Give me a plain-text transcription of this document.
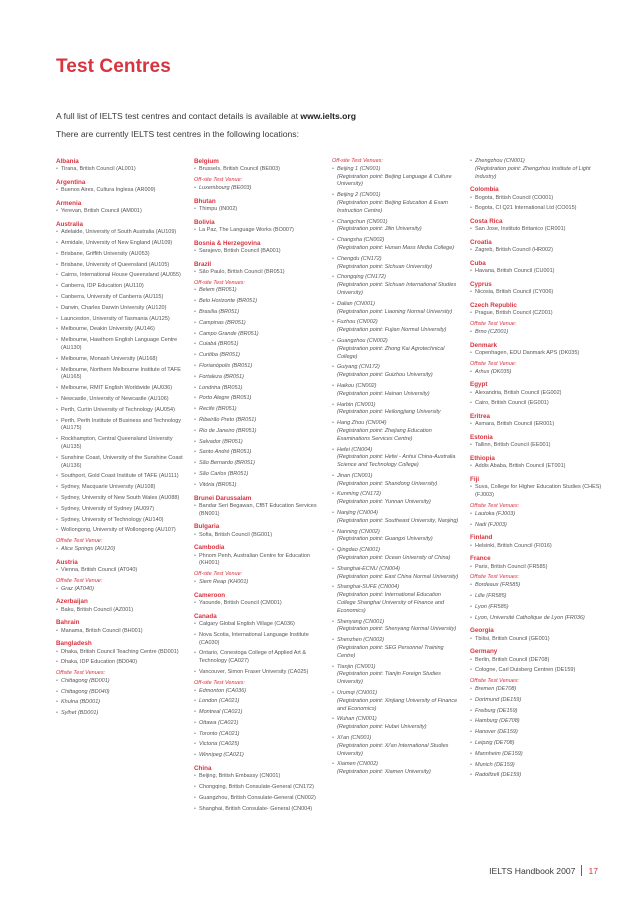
Test Centres

A full list of IELTS test centres and contact details is available at www.ielts.org

There are currently IELTS test centres in the following locations:

Albania
• Tirana, British Council (AL001)
Argentina
• Buenos Aires, Cultura Inglesa (AR009)
Armenia
• Yerevan, British Council (AM001)
Australia
• Adelaide, University of South Australia (AU109)
• Armidale, University of New England (AU109)
• Brisbane, Griffith University (AU053)
• Brisbane, University of Queensland (AU105)
• Cairns, International House Queensland (AU055)
• Canberra, IDP Education (AU110)
• Canberra, University of Canberra (AU115)
• Darwin, Charles Darwin University (AU120)
• Launceston, University of Tasmania (AU125)
• Melbourne, Deakin University (AU146)
• Melbourne, Hawthorn English Language Centre (AU130)
• Melbourne, Monash University (AU168)
• Melbourne, Northern Melbourne Institute of TAFE (AU165)
• Melbourne, RMIT English Worldwide (AU036)
• Newcastle, University of Newcastle (AU106)
• Perth, Curtin University of Technology (AU054)
• Perth, Perth Institute of Business and Technology (AU175)
• Rockhampton, Central Queensland University (AU135)
• Sunshine Coast, University of the Sunshine Coast (AU136)
• Southport, Gold Coast Institute of TAFE (AU111)
• Sydney, Macquarie University (AU108)
• Sydney, University of New South Wales (AU088)
• Sydney, University of Sydney (AU097)
• Sydney, University of Technology (AU140)
• Wollongong, University of Wollongong (AU107)
Offsite Test Venue:
• Alice Springs (AU120)
Austria
• Vienna, British Council (AT040)
Offsite Test Venue:
• Graz (AT040)
Azerbaijan
• Baku, British Council (AZ001)
Bahrain
• Manama, British Council (BH001)
Bangladesh
• Dhaka, British Council Teaching Centre (BD001)
• Dhaka, IDP Education (BD040)
Offsite Test Venues:
• Chittagong (BD001)
• Chittagong (BD040)
• Khulna (BD001)
• Sylhet (BD001)
Belgium
• Brussels, British Council (BE003)
Off-site Test Venue:
• Luxembourg (BE003)
Bhutan
• Thimpu (IN002)
Bolivia
• La Paz, The Language Works (BO007)
Bosnia & Herzegovina
• Sarajevo, British Council (BA001)
Brazil
• São Paulo, British Council (BR051)
Off-site Test Venues:
• Belem (BR051)
• Belo Horizonte (BR051)
• Brasilia (BR051)
• Campinas (BR051)
• Campo Grande (BR051)
• Cuiabá (BR051)
• Curitiba (BR051)
• Florianópolis (BR051)
• Fortaleza (BR051)
• Londrina (BR051)
• Porto Alegre (BR051)
• Recife (BR051)
• Ribeirão Preto (BR051)
• Rio de Janeiro (BR051)
• Salvador (BR051)
• Santo André (BR051)
• São Bernardo (BR051)
• São Carlos (BR051)
• Vitória (BR051)
Brunei Darussalam
• Bandar Seri Begawan, CfBT Education Services (BN001)
Bulgaria
• Sofia, British Council (BG001)
Cambodia
• Phnom Penh, Australian Centre for Education (KH001)
Off-site Test Venue:
• Siem Reap (KH001)
Cameroon
• Yaounde, British Council (CM001)
Canada
• Calgary Global English Village (CA036)
• Nova Scotia, International Language Institute (CA030)
• Ontario, Conestoga College of Applied Art & Technology (CA027)
• Vancouver, Simon Fraser University (CA025)
Off-site Test Venues:
• Edmonton (CA036)
• London (CA021)
• Montreal (CA021)
• Ottawa (CA021)
• Toronto (CA021)
• Victoria (CA025)
• Winnipeg (CA021)
China
• Beijing, British Embassy (CN001)
• Chongqing, British Consulate-General (CN172)
• Guangzhou, British Consulate-General (CN002)
• Shanghai, British Consulate- General (CN004)
Off-site Test Venues:
• Beijing 1 (CN001)
(Registration point: Beijing Language & Culture University)
• Beijing 2 (CN001)
(Registration point: Beijing Education & Exam Instruction Centre)
• Changchun (CN001)
(Registration point: Jilin University)
• Changsha (CN002)
(Registration point: Hunan Mass Media College)
• Chengdu (CN172)
(Registration point: Sichuan University)
• Chongqing (CN172)
(Registration point: Sichuan International Studies University)
• Dalian (CN001)
(Registration point: Liaoning Normal University)
• Fuzhou (CN002)
(Registration point: Fujian Normal University)
• Guangzhou (CN002)
(Registration point: Zhong Kai Agrotechnical College)
• Guiyang (CN172)
(Registration point: Guizhou University)
• Haikou (CN002)
(Registration point: Hainan University)
• Harbin (CN001)
(Registration point: Heilongjiang University
• Hang Zhou (CN004)
(Registration point: Zhejiang Education Examinations Services Centre)
• Hefei (CN004)
(Registration point: Hefei - Anhui China-Australia Science and Technology College)
• Jinan (CN001)
(Registration point: Shandong University)
• Kunming (CN172)
(Registration point: Yunnan University)
• Nanjing (CN004)
(Registration point: Southeast University, Nanjing)
• Nanning (CN002)
(Registration point: Guangxi University)
• Qingdao (CN001)
(Registration point: Ocean University of China)
• Shanghai-ECNU (CN004)
(Registration point: East China Normal University)
• Shanghai-SUFE (CN004)
(Registration point: International Education College Shanghai University of Finance and Economics)
• Shenyang (CN001)
(Registration point: Shenyang Normal University)
• Shenzhen (CN002)
(Registration point: SEG Personnel Training Centre)
• Tianjin (CN001)
(Registration point: Tianjin Foreign Studies University)
• Urumqi (CN001)
(Registration point: Xinjiang University of Finance and Economics)
• Wuhan (CN001)
(Registration point: Hubei University)
• Xi'an (CN001)
(Registration point: Xi'an International Studies University)
• Xiamen (CN002)
(Registration point: Xiamen University)
• Zhengzhou (CN001)
(Registration point: Zhengzhou Institute of Light Industry)
Colombia
• Bogota, British Council (CO001)
• Bogota, CI Q21 International Ltd (CO015)
Costa Rica
• San Jose, Instituto Britanico (CR001)
Croatia
• Zagreb, British Council (HR002)
Cuba
• Havana, British Council (CU001)
Cyprus
• Nicosia, British Council (CY006)
Czech Republic
• Prague, British Council (CZ001)
Offsite Test Venue:
• Brno (CZ001)
Denmark
• Copenhagen, EDU Danmark APS (DK035)
Offsite Test Venue:
• Arhus (DK035)
Egypt
• Alexandria, British Council (EG002)
• Cairo, British Council (EG001)
Eritrea
• Asmara, British Council (ER001)
Estonia
• Tallinn, British Council (EE001)
Ethiopia
• Addis Ababa, British Council (ET001)
Fiji
• Suva, College for Higher Education Studies (CHES) (FJ003)
Offsite Test Venues:
• Lautoka (FJ003)
• Nadi (FJ003)
Finland
• Helsinki, British Council (FI016)
France
• Paris, British Council (FR585)
Offsite Test Venues:
• Bordeaux (FR585)
• Lille (FR585)
• Lyon (FR585)
• Lyon, Université Catholique de Lyon (FR036)
Georgia
• Tbilisi, British Council (GE001)
Germany
• Berlin, British Council (DE708)
• Cologne, Carl Duisberg Centren (DE159)
Offsite Test Venues:
• Bremen (DE708)
• Dortmund (DE159)
• Freiburg (DE159)
• Hamburg (DE708)
• Hanover (DE159)
• Leipzig (DE708)
• Mannheim (DE159)
• Munich (DE159)
• Radolfzell (DE159)
IELTS Handbook 2007 17
